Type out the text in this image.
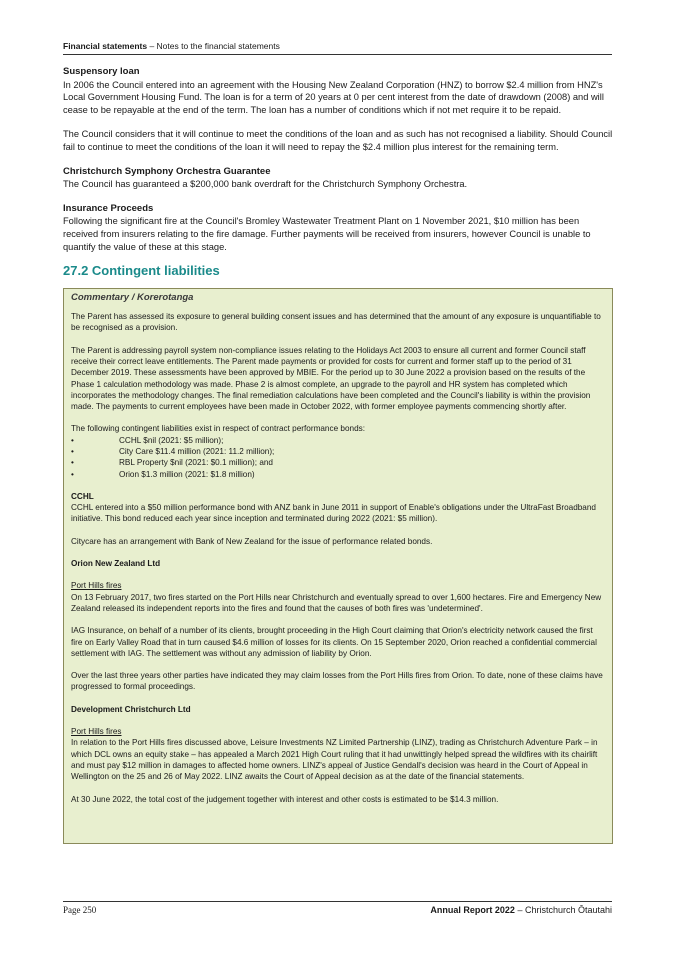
Financial statements – Notes to the financial statements
Suspensory loan

In 2006 the Council entered into an agreement with the Housing New Zealand Corporation (HNZ) to borrow $2.4 million from HNZ's Local Government Housing Fund. The loan is for a term of 20 years at 0 per cent interest from the date of drawdown (2008) and will cease to be repayable at the end of the term. The loan has a number of conditions which if not met require it to be repaid.

The Council considers that it will continue to meet the conditions of the loan and as such has not recognised a liability. Should Council fail to continue to meet the conditions of the loan it will need to repay the $2.4 million plus interest for the remaining term.

Christchurch Symphony Orchestra Guarantee

The Council has guaranteed a $200,000 bank overdraft for the Christchurch Symphony Orchestra.

Insurance Proceeds

Following the significant fire at the Council's Bromley Wastewater Treatment Plant on 1 November 2021, $10 million has been received from insurers relating to the fire damage. Further payments will be received from insurers, however Council is unable to quantify the value of these at this stage.

27.2 Contingent liabilities
Commentary / Korerotanga

The Parent has assessed its exposure to general building consent issues and has determined that the amount of any exposure is unquantifiable to be recognised as a provision.

The Parent is addressing payroll system non-compliance issues relating to the Holidays Act 2003 to ensure all current and former Council staff receive their correct leave entitlements. The Parent made payments or provided for costs for current and former staff up to the period of 31 December 2019. These assessments have been approved by MBIE. For the period up to 30 June 2022 a provision based on the results of the Phase 1 calculation methodology was made. Phase 2 is almost complete, an upgrade to the payroll and HR system has completed which incorporates the methodology changes. The final remediation calculations have been completed and the Council's liability is within the provision made. The payments to current employees have been made in October 2022, with former employee payments commencing shortly after.

The following contingent liabilities exist in respect of contract performance bonds:
• CCHL $nil (2021: $5 million);
• City Care $11.4 million (2021: 11.2 million);
• RBL Property $nil (2021: $0.1 million); and
• Orion $1.3 million (2021: $1.8 million)
CCHL

CCHL entered into a $50 million performance bond with ANZ bank in June 2011 in support of Enable's obligations under the UltraFast Broadband initiative. This bond reduced each year since inception and terminated during 2022 (2021: $5 million).

Citycare has an arrangement with Bank of New Zealand for the issue of performance related bonds.

Orion New Zealand Ltd

Port Hills fires

On 13 February 2017, two fires started on the Port Hills near Christchurch and eventually spread to over 1,600 hectares. Fire and Emergency New Zealand released its independent reports into the fires and found that the causes of both fires was 'undetermined'.

IAG Insurance, on behalf of a number of its clients, brought proceeding in the High Court claiming that Orion's electricity network caused the first fire on Early Valley Road that in turn caused $4.6 million of losses for its clients. On 15 September 2020, Orion reached a confidential commercial settlement with IAG. The settlement was without any admission of liability by Orion.

Over the last three years other parties have indicated they may claim losses from the Port Hills fires from Orion. To date, none of these claims have progressed to formal proceedings.

Development Christchurch Ltd

Port Hills fires

In relation to the Port Hills fires discussed above, Leisure Investments NZ Limited Partnership (LINZ), trading as Christchurch Adventure Park – in which DCL owns an equity stake – has appealed a March 2021 High Court ruling that it had unwittingly helped spread the wildfires with its chairlift and must pay $12 million in damages to affected home owners. LINZ's appeal of Justice Gendall's decision was heard in the Court of Appeal in Wellington on the 25 and 26 of May 2022. LINZ awaits the Court of Appeal decision as at the date of the financial statements.

At 30 June 2022, the total cost of the judgement together with interest and other costs is estimated to be $14.3 million.

Page 250	Annual Report 2022 – Christchurch Ōtautahi
